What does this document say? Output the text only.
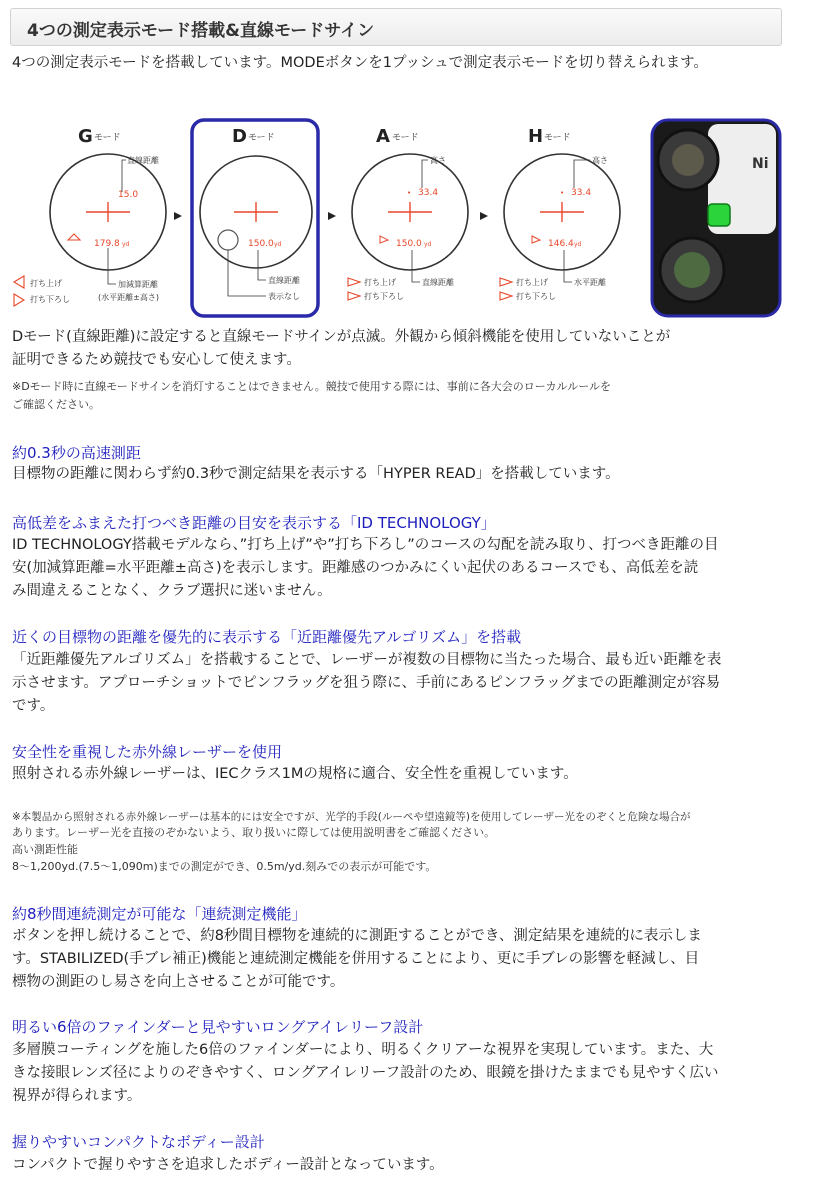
4つの測定表示モード搭載&直線モードサイン
4つの測定表示モードを搭載しています。MODEボタンを1プッシュで測定表示モードを切り替えられます。
G モード
15.0
179.8 yd
直線距離
加減算距離
(水平距離±高さ)
打ち上げ
打ち下ろし
D モード
150.0 yd
直線距離
表示なし
A モード
• 33.4
150.0 yd
高さ
直線距離
打ち上げ
打ち下ろし
H モード
• 33.4
146.4 yd
高さ
水平距離
打ち上げ
打ち下ろし
Ni
Dモード(直線距離)に設定すると直線モードサインが点滅。外観から傾斜機能を使用していないことが
証明できるため競技でも安心して使えます。
※Dモード時に直線モードサインを消灯することはできません。競技で使用する際には、事前に各大会のローカルルールを
ご確認ください。
約0.3秒の高速測距
目標物の距離に関わらず約0.3秒で測定結果を表示する「HYPER READ」を搭載しています。
高低差をふまえた打つべき距離の目安を表示する「ID TECHNOLOGY」
ID TECHNOLOGY搭載モデルなら、”打ち上げ”や”打ち下ろし”のコースの勾配を読み取り、打つべき距離の目
安(加減算距離=水平距離±高さ)を表示します。距離感のつかみにくい起伏のあるコースでも、高低差を読
み間違えることなく、クラブ選択に迷いません。
近くの目標物の距離を優先的に表示する「近距離優先アルゴリズム」を搭載
「近距離優先アルゴリズム」を搭載することで、レーザーが複数の目標物に当たった場合、最も近い距離を表
示させます。アプローチショットでピンフラッグを狙う際に、手前にあるピンフラッグまでの距離測定が容易
です。
安全性を重視した赤外線レーザーを使用
照射される赤外線レーザーは、IECクラス1Mの規格に適合、安全性を重視しています。
※本製品から照射される赤外線レーザーは基本的には安全ですが、光学的手段(ルーペや望遠鏡等)を使用してレーザー光をのぞくと危険な場合が
あります。レーザー光を直接のぞかないよう、取り扱いに際しては使用説明書をご確認ください。
高い測距性能
8〜1,200yd.(7.5〜1,090m)までの測定ができ、0.5m/yd.刻みでの表示が可能です。
約8秒間連続測定が可能な「連続測定機能」
ボタンを押し続けることで、約8秒間目標物を連続的に測距することができ、測定結果を連続的に表示しま
す。STABILIZED(手ブレ補正)機能と連続測定機能を併用することにより、更に手ブレの影響を軽減し、目
標物の測距のし易さを向上させることが可能です。
明るい6倍のファインダーと見やすいロングアイレリーフ設計
多層膜コーティングを施した6倍のファインダーにより、明るくクリアーな視界を実現しています。また、大
きな接眼レンズ径によりのぞきやすく、ロングアイレリーフ設計のため、眼鏡を掛けたままでも見やすく広い
視界が得られます。
握りやすいコンパクトなボディー設計
コンパクトで握りやすさを追求したボディー設計となっています。
